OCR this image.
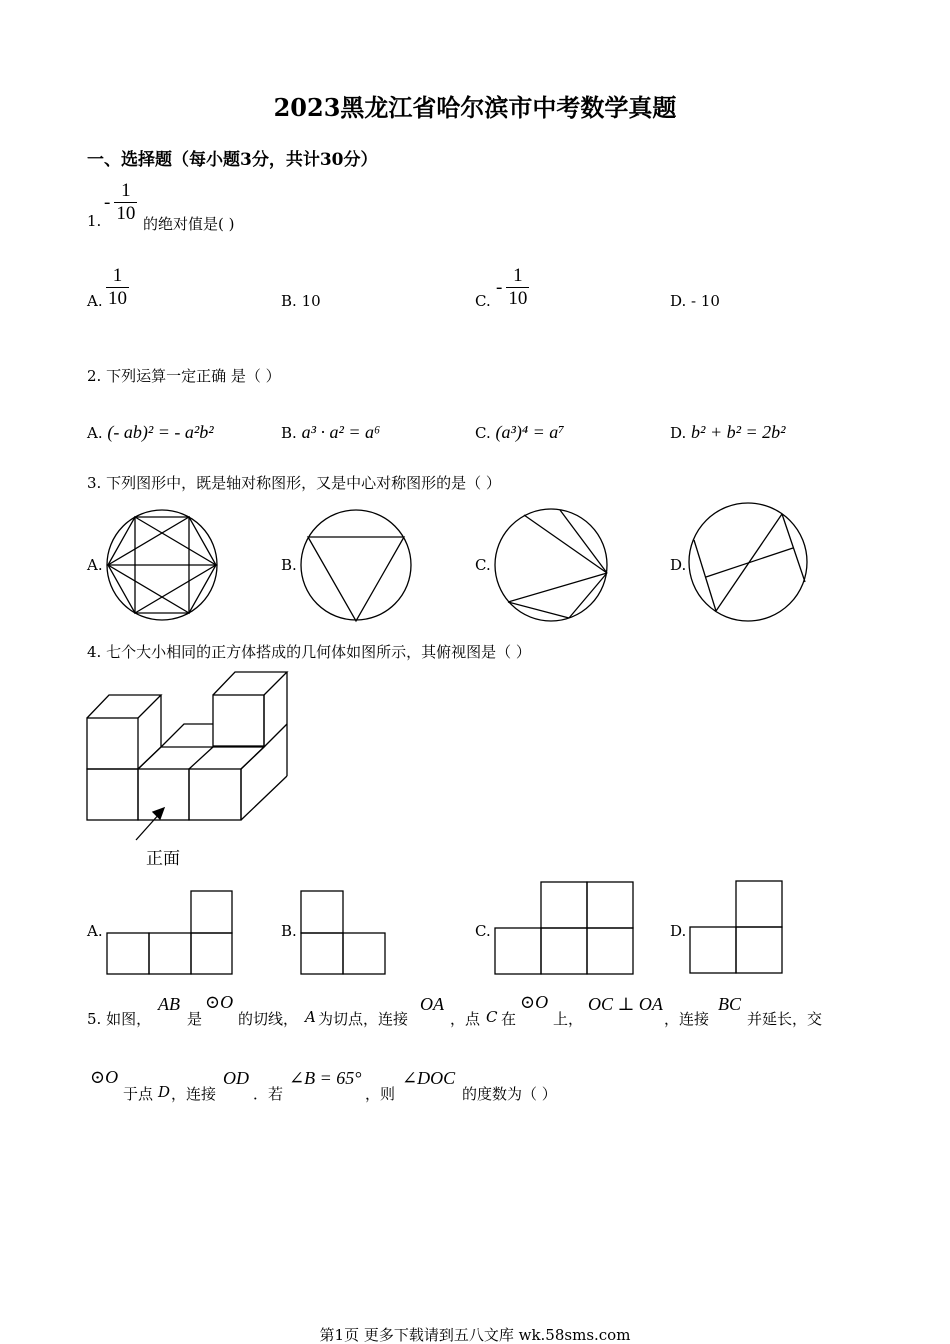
2023黑龙江省哈尔滨市中考数学真题
一、选择题（每小题3分，共计30分）
1.
- $\frac{1}{10}$ 的绝对值是( )
A. $\frac{1}{10}$	B. 10	C.
- $\frac{1}{10}$	D. - 10
2. 下列运算一定正确 是（ ）
A. (- ab)² = - a²b²	B. a³ · a² = a⁶	C. (a³)⁴ = a⁷	D. b² + b² = 2b²
3. 下列图形中，既是轴对称图形，又是中心对称图形的是（ ）
A.	B.	C.	D.
4. 七个大小相同的正方体搭成的几何体如图所示，其俯视图是（ ）
正面
A.	B.	C.	D.
5. 如图，
AB
是
⊙O
的切线， A 为切点，连接
OA
，点 C 在
⊙O
上，
OC ⊥ OA
，连接
BC
并延长，交
⊙O
于点 D ，连接
OD
．若
∠B = 65°
，则
∠DOC
的度数为（ ）
第1页 更多下载请到五八文库 wk.58sms.com
